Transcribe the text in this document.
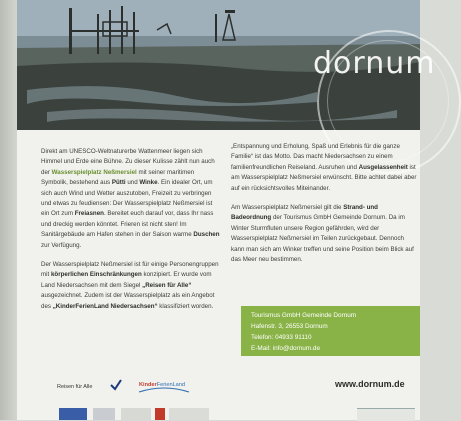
dornum

Direkt am UNESCO-Weltnaturerbe Wattenmeer liegen sich Himmel und Erde eine Bühne. Zu dieser Kulisse zählt nun auch der Wasserspielplatz Neßmersiel mit seiner maritimen Symbolik, bestehend aus Pütti und Winke. Ein idealer Ort, um sich auch Wind und Wetter auszutoben, Freizeit zu verbringen und etwas zu feudiensen: Der Wasserspielplatz Neßmersiel ist ein Ort zum Freiasnen. Bereitet euch darauf vor, dass Ihr nass und dreckig werden könntet. Frieren ist nicht sten! Im Sanitärgebäude am Hafen stehen in der Saison warme Duschen zur Verfügung.

Der Wasserspielplatz Neßmersiel ist für einige Personengruppen mit körperlichen Einschränkungen konzipiert. Er wurde vom Land Niedersachsen mit dem Siegel „Reisen für Alle“ ausgezeichnet. Zudem ist der Wasserspielplatz als ein Angebot des „KinderFerienLand Niedersachsen“ klassifiziert worden.

„Entspannung und Erholung, Spaß und Erlebnis für die ganze Familie“ ist das Motto. Das macht Niedersachsen zu einem familienfreundlichen Reiseland. Ausruhen und Ausgelassenheit ist am Wasserspielplatz Neßmersiel erwünscht. Bitte achtet dabei aber auf ein rücksichtsvolles Miteinander.

Am Wasserspielplatz Neßmersiel gilt die Strand- und Badeordnung der Tourismus GmbH Gemeinde Dornum. Da im Winter Sturmfluten unsere Region gefährden, wird der Wasserspielplatz Neßmersiel im Teilen zurückgebaut. Dennoch kann man sich am Winker treffen und seine Position beim Blick auf das Meer neu bestimmen.

Tourismus GmbH Gemeinde Dornum
Hafenstr. 3, 26553 Dornum
Telefon: 04933 91110
E-Mail: info@dornum.de
Reisen für Alle	KinderFerienLand	www.dornum.de
